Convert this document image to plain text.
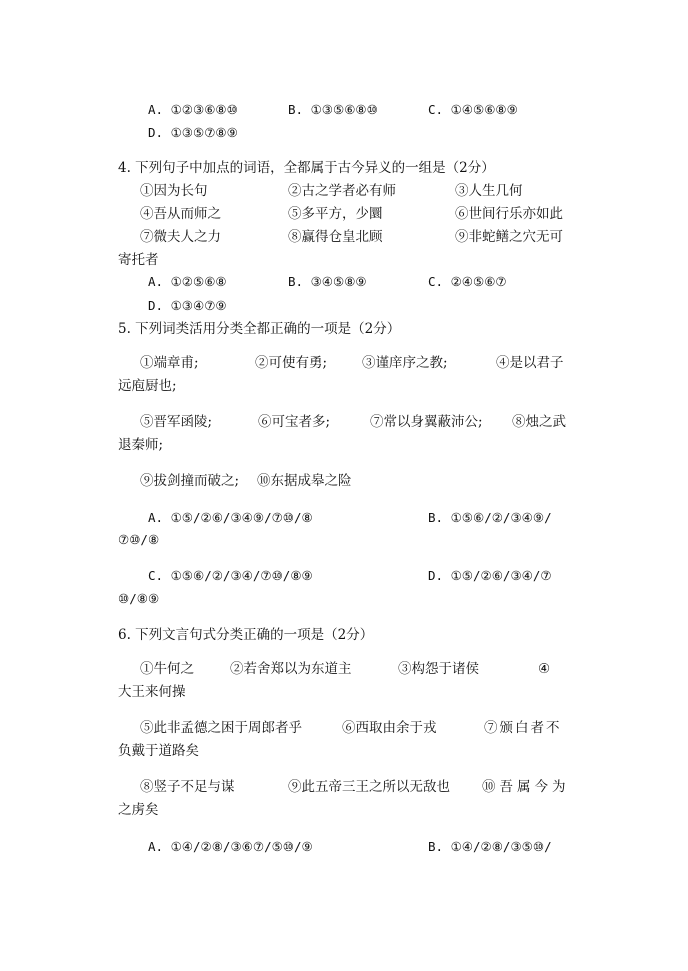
A. ①②③⑥⑧⑩	B. ①③⑤⑥⑧⑩	C. ①④⑤⑥⑧⑨
D. ①③⑤⑦⑧⑨
4. 下列句子中加点的词语，全都属于古今异义的一组是（2分）
①因为长句	②古之学者必有师	③人生几何
④吾从而师之	⑤多平方，少圜	⑥世间行乐亦如此
⑦微夫人之力	⑧赢得仓皇北顾	⑨非蛇鳝之穴无可
寄托者
A. ①②⑤⑥⑧	B. ③④⑤⑧⑨	C. ②④⑤⑥⑦
D. ①③④⑦⑨
5. 下列词类活用分类全都正确的一项是（2分）
①端章甫;	②可使有勇;	③谨庠序之教;	④是以君子
远庖厨也;
⑤晋军函陵;	⑥可宝者多;	⑦常以身翼蔽沛公; ⑧烛之武
退秦师;
⑨拔剑撞而破之; ⑩东据成皋之险
A. ①⑤/②⑥/③④⑨/⑦⑩/⑧	B. ①⑤⑥/②/③④⑨/
⑦⑩/⑧
C. ①⑤⑥/②/③④/⑦⑩/⑧⑨	D. ①⑤/②⑥/③④/⑦
⑩/⑧⑨
6. 下列文言句式分类正确的一项是（2分）
①牛何之	②若舍郑以为东道主	③构怨于诸侯	④
大王来何操
⑤此非孟德之困于周郎者乎	⑥西取由余于戎	⑦颁白者不
负戴于道路矣
⑧竖子不足与谋	⑨此五帝三王之所以无敌也 ⑩吾属今为
之虏矣
A. ①④/②⑧/③⑥⑦/⑤⑩/⑨	B. ①④/②⑧/③⑤⑩/
